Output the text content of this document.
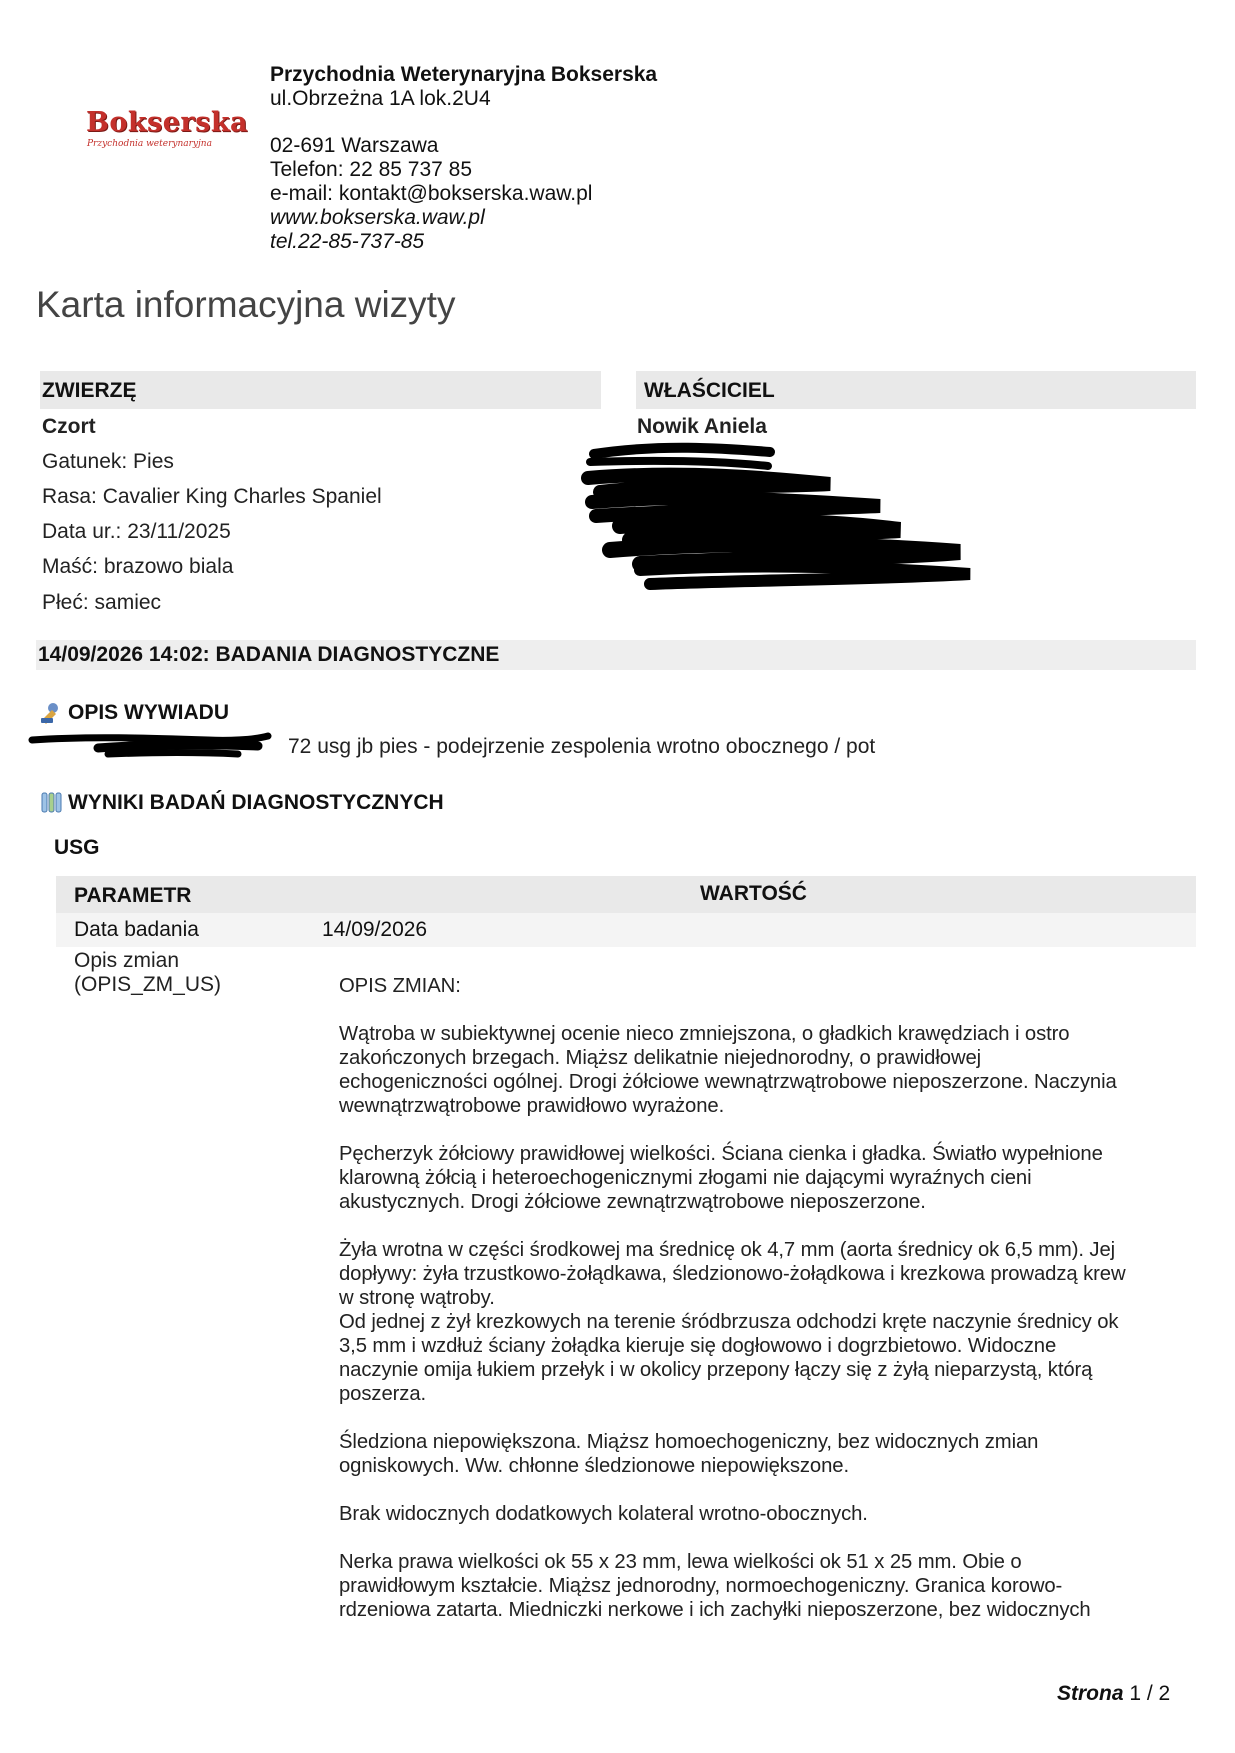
Bokserska
Przychodnia weterynaryjna
Przychodnia Weterynaryjna Bokserska
ul.Obrzeżna 1A lok.2U4
02-691 Warszawa
Telefon: 22 85 737 85
e-mail: kontakt@bokserska.waw.pl
www.bokserska.waw.pl
tel.22-85-737-85
Karta informacyjna wizyty
ZWIERZĘ
Czort
Gatunek: Pies
Rasa: Cavalier King Charles Spaniel
Data ur.: 23/11/2025
Maść: brazowo biala
Płeć: samiec
WŁAŚCICIEL
Nowik Aniela
14/09/2026 14:02: BADANIA DIAGNOSTYCZNE
OPIS WYWIADU
72 usg jb pies - podejrzenie zespolenia wrotno obocznego / pot
WYNIKI BADAŃ DIAGNOSTYCZNYCH
USG
PARAMETR	WARTOŚĆ
Data badania	14/09/2026
Opis zmian
(OPIS_ZM_US)	OPIS ZMIAN:
Wątroba w subiektywnej ocenie nieco zmniejszona, o gładkich krawędziach i ostro
zakończonych brzegach. Miąższ delikatnie niejednorodny, o prawidłowej
echogeniczności ogólnej. Drogi żółciowe wewnątrzwątrobowe nieposzerzone. Naczynia
wewnątrzwątrobowe prawidłowo wyrażone.
Pęcherzyk żółciowy prawidłowej wielkości. Ściana cienka i gładka. Światło wypełnione
klarowną żółcią i heteroechogenicznymi złogami nie dającymi wyraźnych cieni
akustycznych. Drogi żółciowe zewnątrzwątrobowe nieposzerzone.
Żyła wrotna w części środkowej ma średnicę ok 4,7 mm (aorta średnicy ok 6,5 mm). Jej
dopływy: żyła trzustkowo-żołądkawa, śledzionowo-żołądkowa i krezkowa prowadzą krew
w stronę wątroby.
Od jednej z żył krezkowych na terenie śródbrzusza odchodzi kręte naczynie średnicy ok
3,5 mm i wzdłuż ściany żołądka kieruje się dogłowowo i dogrzbietowo. Widoczne
naczynie omija łukiem przełyk i w okolicy przepony łączy się z żyłą nieparzystą, którą
poszerza.
Śledziona niepowiększona. Miąższ homoechogeniczny, bez widocznych zmian
ogniskowych. Ww. chłonne śledzionowe niepowiększone.
Brak widocznych dodatkowych kolateral wrotno-obocznych.
Nerka prawa wielkości ok 55 x 23 mm, lewa wielkości ok 51 x 25 mm. Obie o
prawidłowym kształcie. Miąższ jednorodny, normoechogeniczny. Granica korowo-
rdzeniowa zatarta. Miedniczki nerkowe i ich zachyłki nieposzerzone, bez widocznych
Strona 1 / 2
